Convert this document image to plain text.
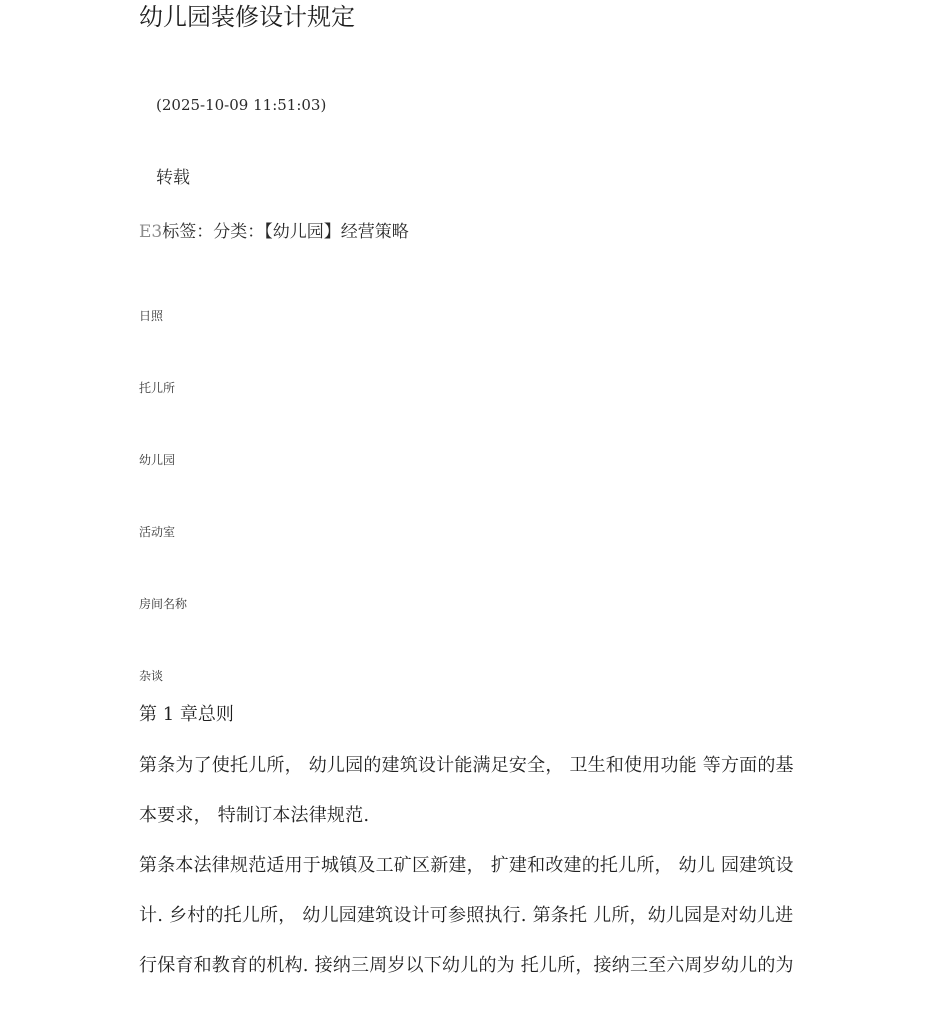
幼儿园装修设计规定
(2025-10-09 11:51:03)
转载
E3标签：分类：【幼儿园】经营策略
日照
托儿所
幼儿园
活动室
房间名称
杂谈
第 1 章总则
第条为了使托儿所， 幼儿园的建筑设计能满足安全， 卫生和使用功能 等方面的基
本要求， 特制订本法律规范.
第条本法律规范适用于城镇及工矿区新建， 扩建和改建的托儿所， 幼儿 园建筑设
计. 乡村的托儿所， 幼儿园建筑设计可参照执行. 第条托 儿所，幼儿园是对幼儿进
行保育和教育的机构. 接纳三周岁以下幼儿的为 托儿所，接纳三至六周岁幼儿的为
